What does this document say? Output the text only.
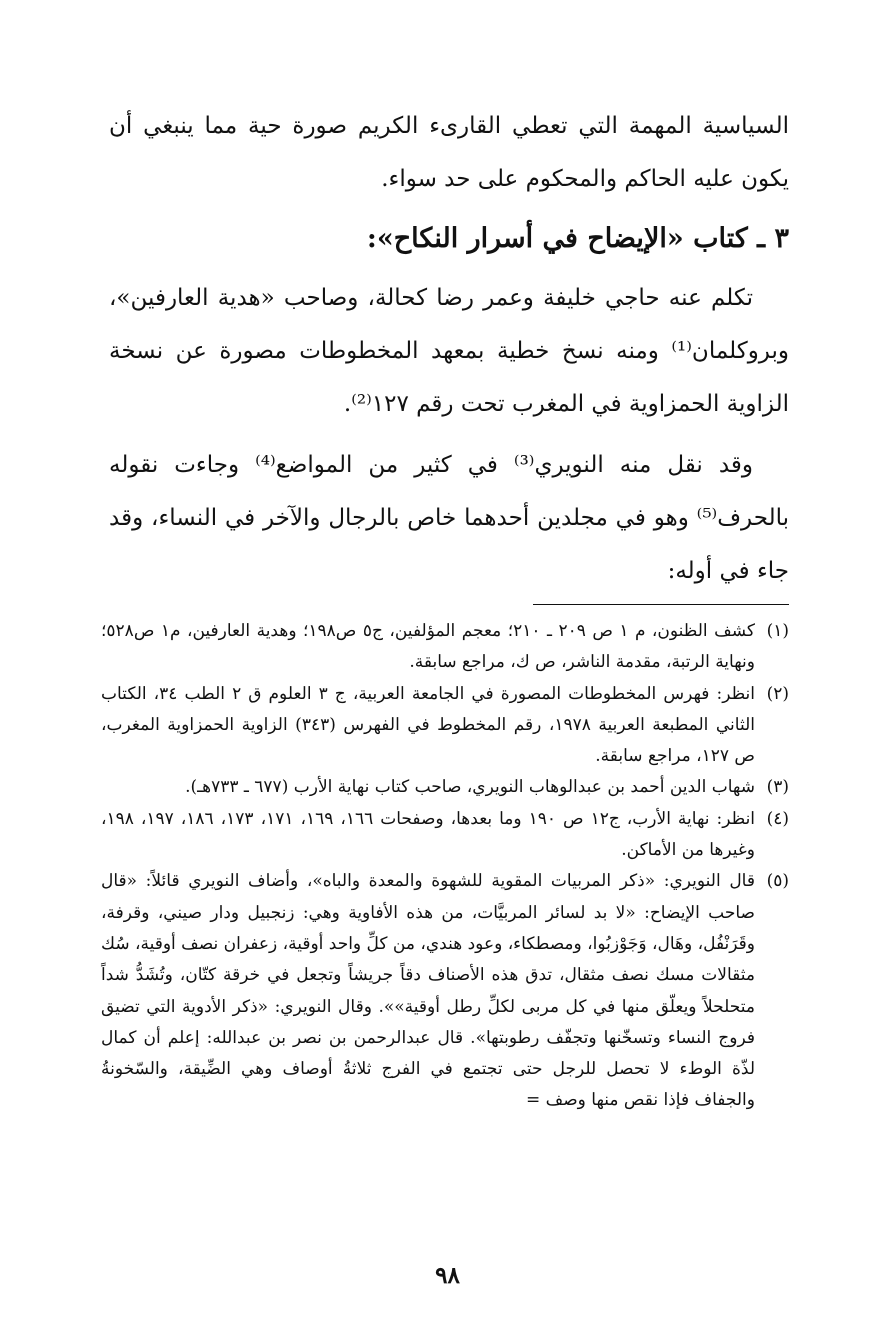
السياسية المهمة التي تعطي القارىء الكريم صورة حية مما ينبغي أن يكون عليه الحاكم والمحكوم على حد سواء.

٣ ـ كتاب «الإيضاح في أسرار النكاح»:

تكلم عنه حاجي خليفة وعمر رضا كحالة، وصاحب «هدية العارفين»، وبروكلمان⁽¹⁾ ومنه نسخ خطية بمعهد المخطوطات مصورة عن نسخة الزاوية الحمزاوية في المغرب تحت رقم ١٢٧⁽²⁾.

وقد نقل منه النويري⁽³⁾ في كثير من المواضع⁽⁴⁾ وجاءت نقوله بالحرف⁽⁵⁾ وهو في مجلدين أحدهما خاص بالرجال والآخر في النساء، وقد جاء في أوله:

(١)
كشف الظنون، م ١ ص ٢٠٩ ـ ٢١٠؛ معجم المؤلفين، ج٥ ص١٩٨؛ وهدية العارفين، م١ ص٥٢٨؛ ونهاية الرتبة، مقدمة الناشر، ص ك، مراجع سابقة.
(٢)
انظر: فهرس المخطوطات المصورة في الجامعة العربية، ج ٣ العلوم ق ٢ الطب ٣٤، الكتاب الثاني المطبعة العربية ١٩٧٨، رقم المخطوط في الفهرس (٣٤٣) الزاوية الحمزاوية المغرب، ص ١٢٧، مراجع سابقة.
(٣)
شهاب الدين أحمد بن عبدالوهاب النويري، صاحب كتاب نهاية الأرب (٦٧٧ ـ ٧٣٣هـ).
(٤)
انظر: نهاية الأرب، ج١٢ ص ١٩٠ وما بعدها، وصفحات ١٦٦، ١٦٩، ١٧١، ١٧٣، ١٨٦، ١٩٧، ١٩٨، وغيرها من الأماكن.
(٥)
قال النويري: «ذكر المربيات المقوية للشهوة والمعدة والباه»، وأضاف النويري قائلاً: «قال صاحب الإيضاح: «لا بد لسائر المربيَّات، من هذه الأفاوية وهي: زنجبيل ودار صيني، وقرفة، وقَرَنْفُل، وهَال، وَجَوْزبُوا، ومصطكاء، وعود هندي، من كلِّ واحد أوقية، زعفران نصف أوقية، سُك مثقالات مسك نصف مثقال، تدق هذه الأصناف دقاً جريشاً وتجعل في خرقة كتّان، وتُشَدُّ شداً متحلحلاً ويعلّق منها في كل مربى لكلِّ رطل أوقية»». وقال النويري: «ذكر الأدوية التي تضيق فروج النساء وتسخّنها وتجفّف رطوبتها». قال عبدالرحمن بن نصر بن عبدالله: إعلم أن كمال لذّة الوطء لا تحصل للرجل حتى تجتمع في الفرج ثلاثةُ أوصاف وهي الضِّيقة، والسّخونةُ والجفاف فإذا نقص منها وصف =
٩٨
